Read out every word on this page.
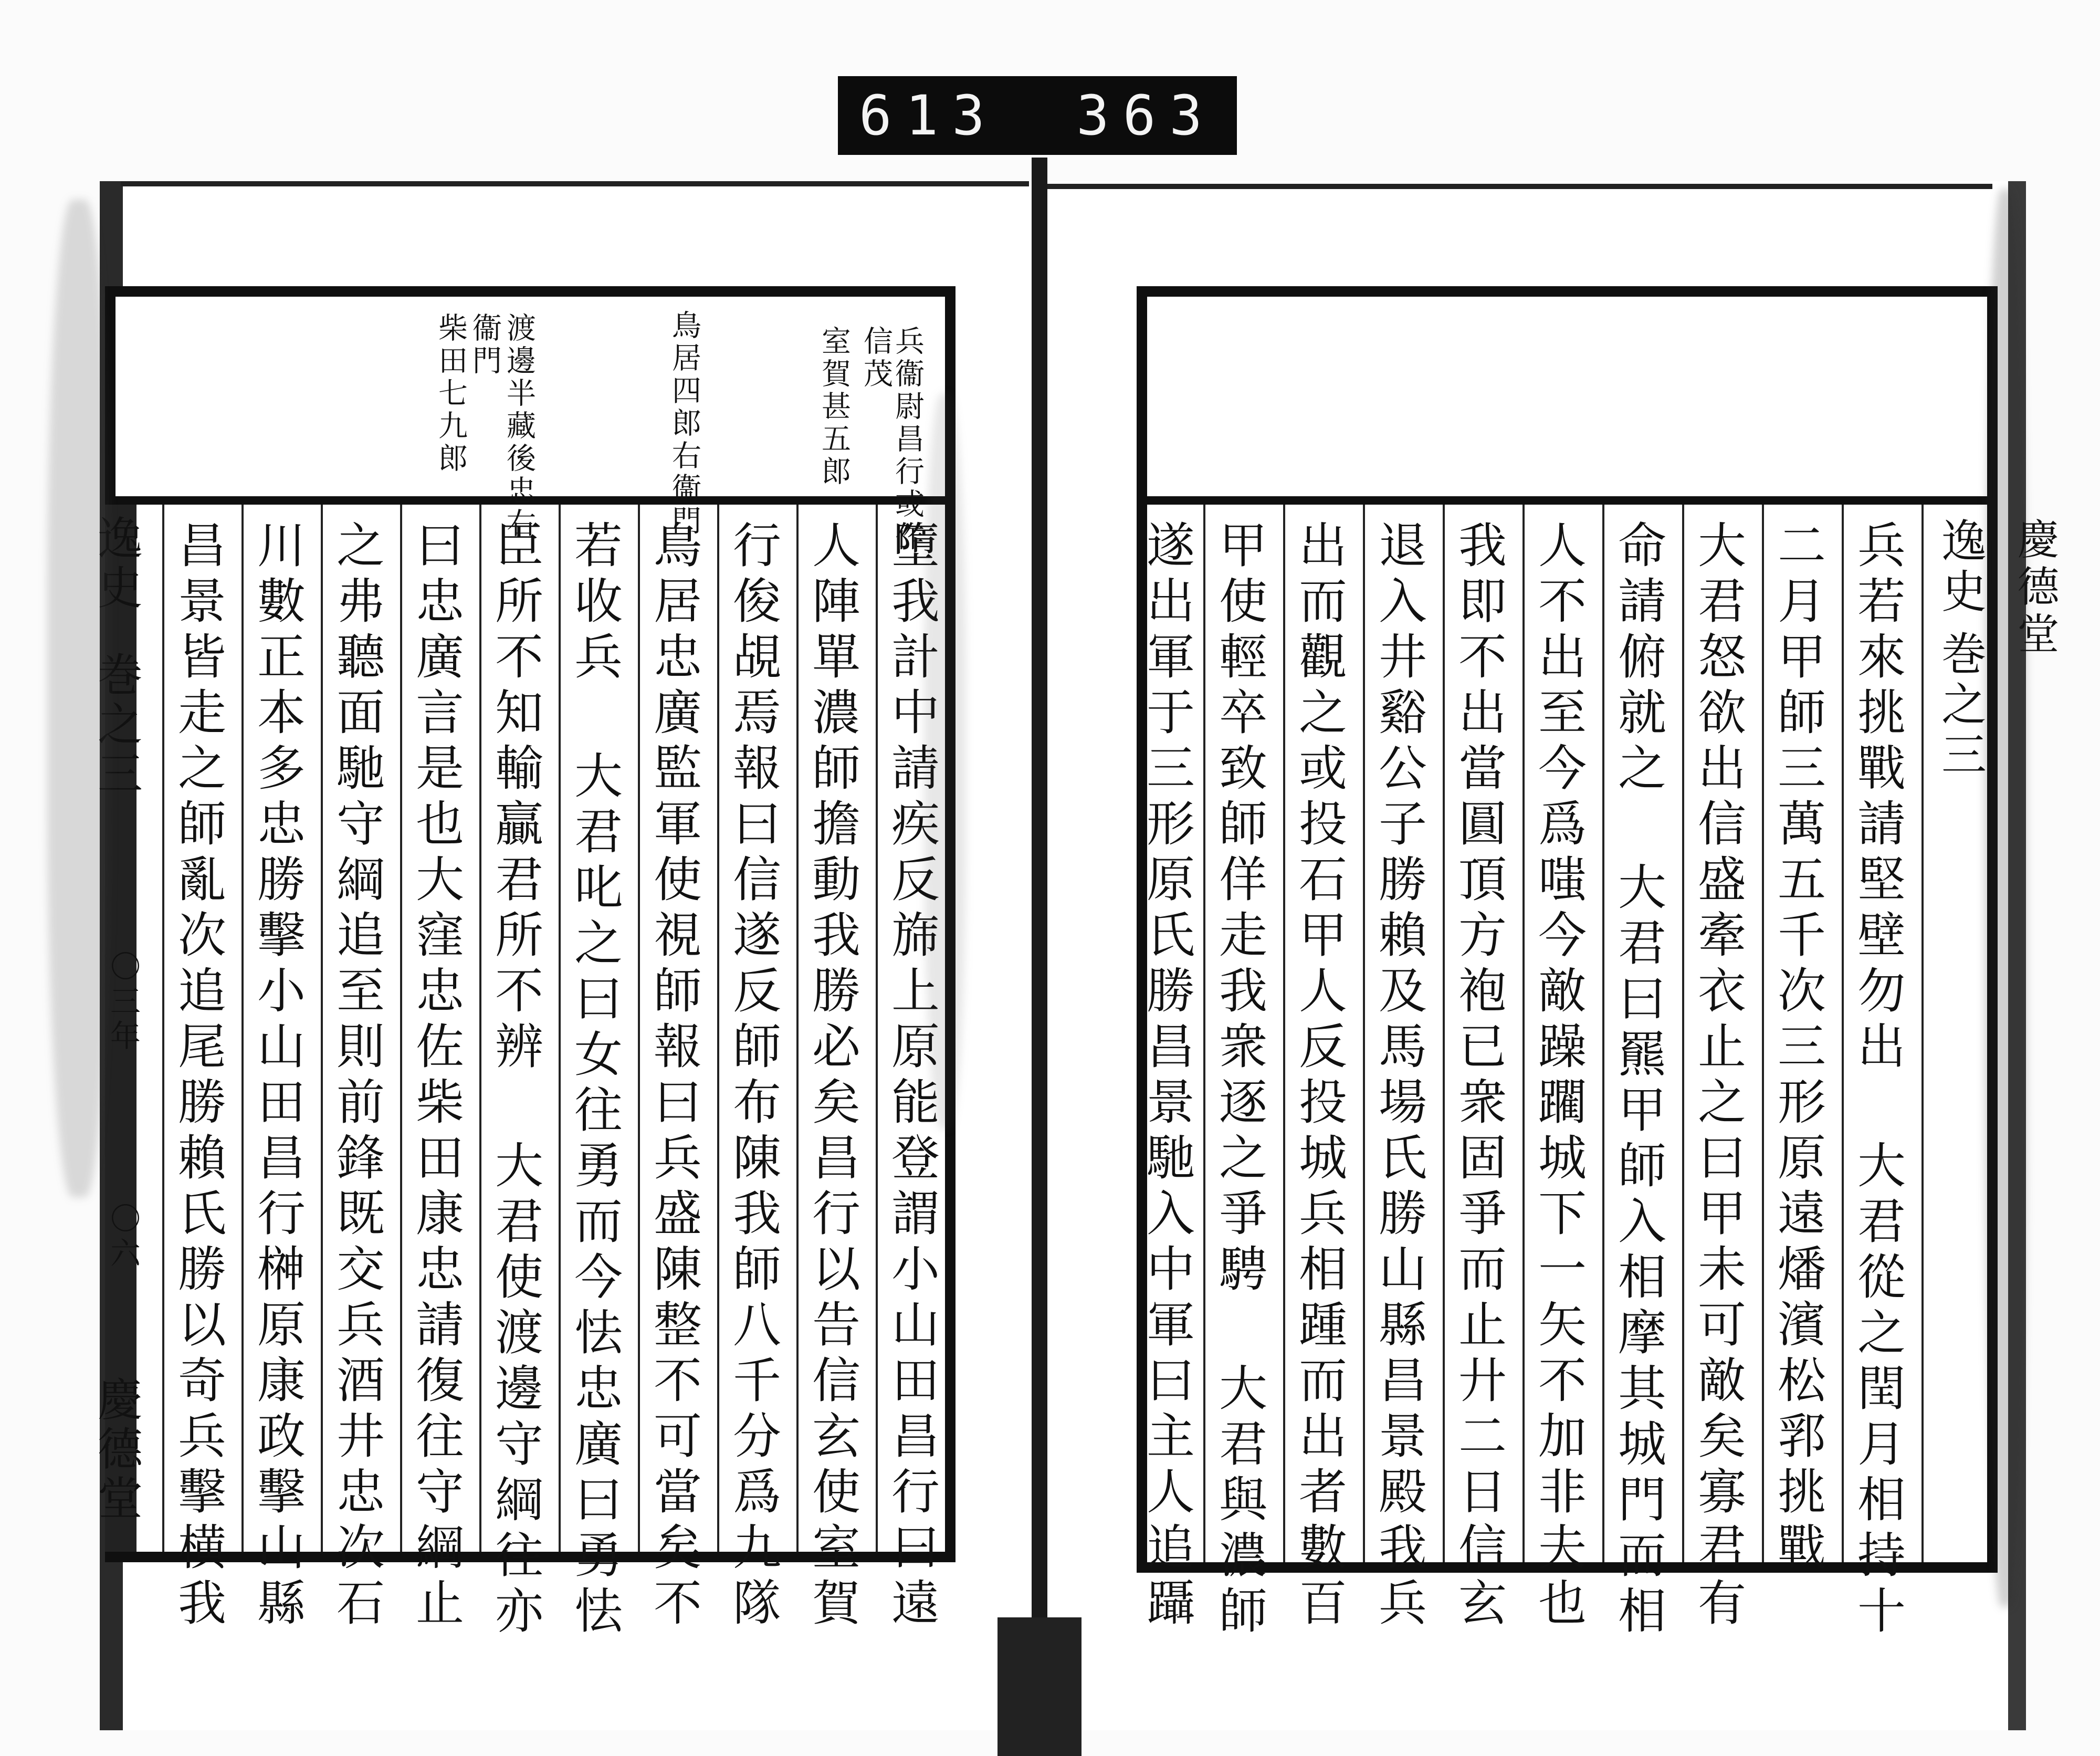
613 363
兵衞尉昌行或作
信茂
室賀甚五郎
鳥居四郎右衞門
渡邊半藏後忠右
衞門
柴田七九郎
逸史
巻之三
〇三年
〇六
慶德堂	墮我計中請疾反旆上原能登謂小山田昌行曰遠
人陣單濃師擔動我勝必矣昌行以告信玄使室賀
行俊覘焉報曰信遂反師布陳我師八千分爲九隊
鳥居忠廣監軍使視師報曰兵盛陳整不可當矣不
若收兵 大君叱之曰女往勇而今怯忠廣曰勇怯
臣所不知輸贏君所不辨 大君使渡邊守綱往亦
曰忠廣言是也大窪忠佐柴田康忠請復往守綱止
之弗聽面馳守綱追至則前鋒既交兵酒井忠次石
川數正本多忠勝擊小山田昌行榊原康政擊山縣
昌景皆走之師亂次追尾勝賴氏勝以奇兵擊横我	逸史
巻之三
慶德堂
兵若來挑戰請堅壁勿出 大君從之閏月相持十
二月甲師三萬五千次三形原遠燔濱松郛挑戰
大君怒欲出信盛牽衣止之曰甲未可敵矣寡君有
命請俯就之 大君曰羆甲師入相摩其城門而相
人不出至今爲嗤今敵躁躙城下一矢不加非夫也
我即不出當圓頂方袍已衆固爭而止廾二日信玄
退入井谿公子勝賴及馬場氏勝山縣昌景殿我兵
出而觀之或投石甲人反投城兵相踵而出者數百
甲使輕卒致師佯走我衆逐之爭騁 大君與濃師
遂出軍于三形原氏勝昌景馳入中軍曰主人追躡
